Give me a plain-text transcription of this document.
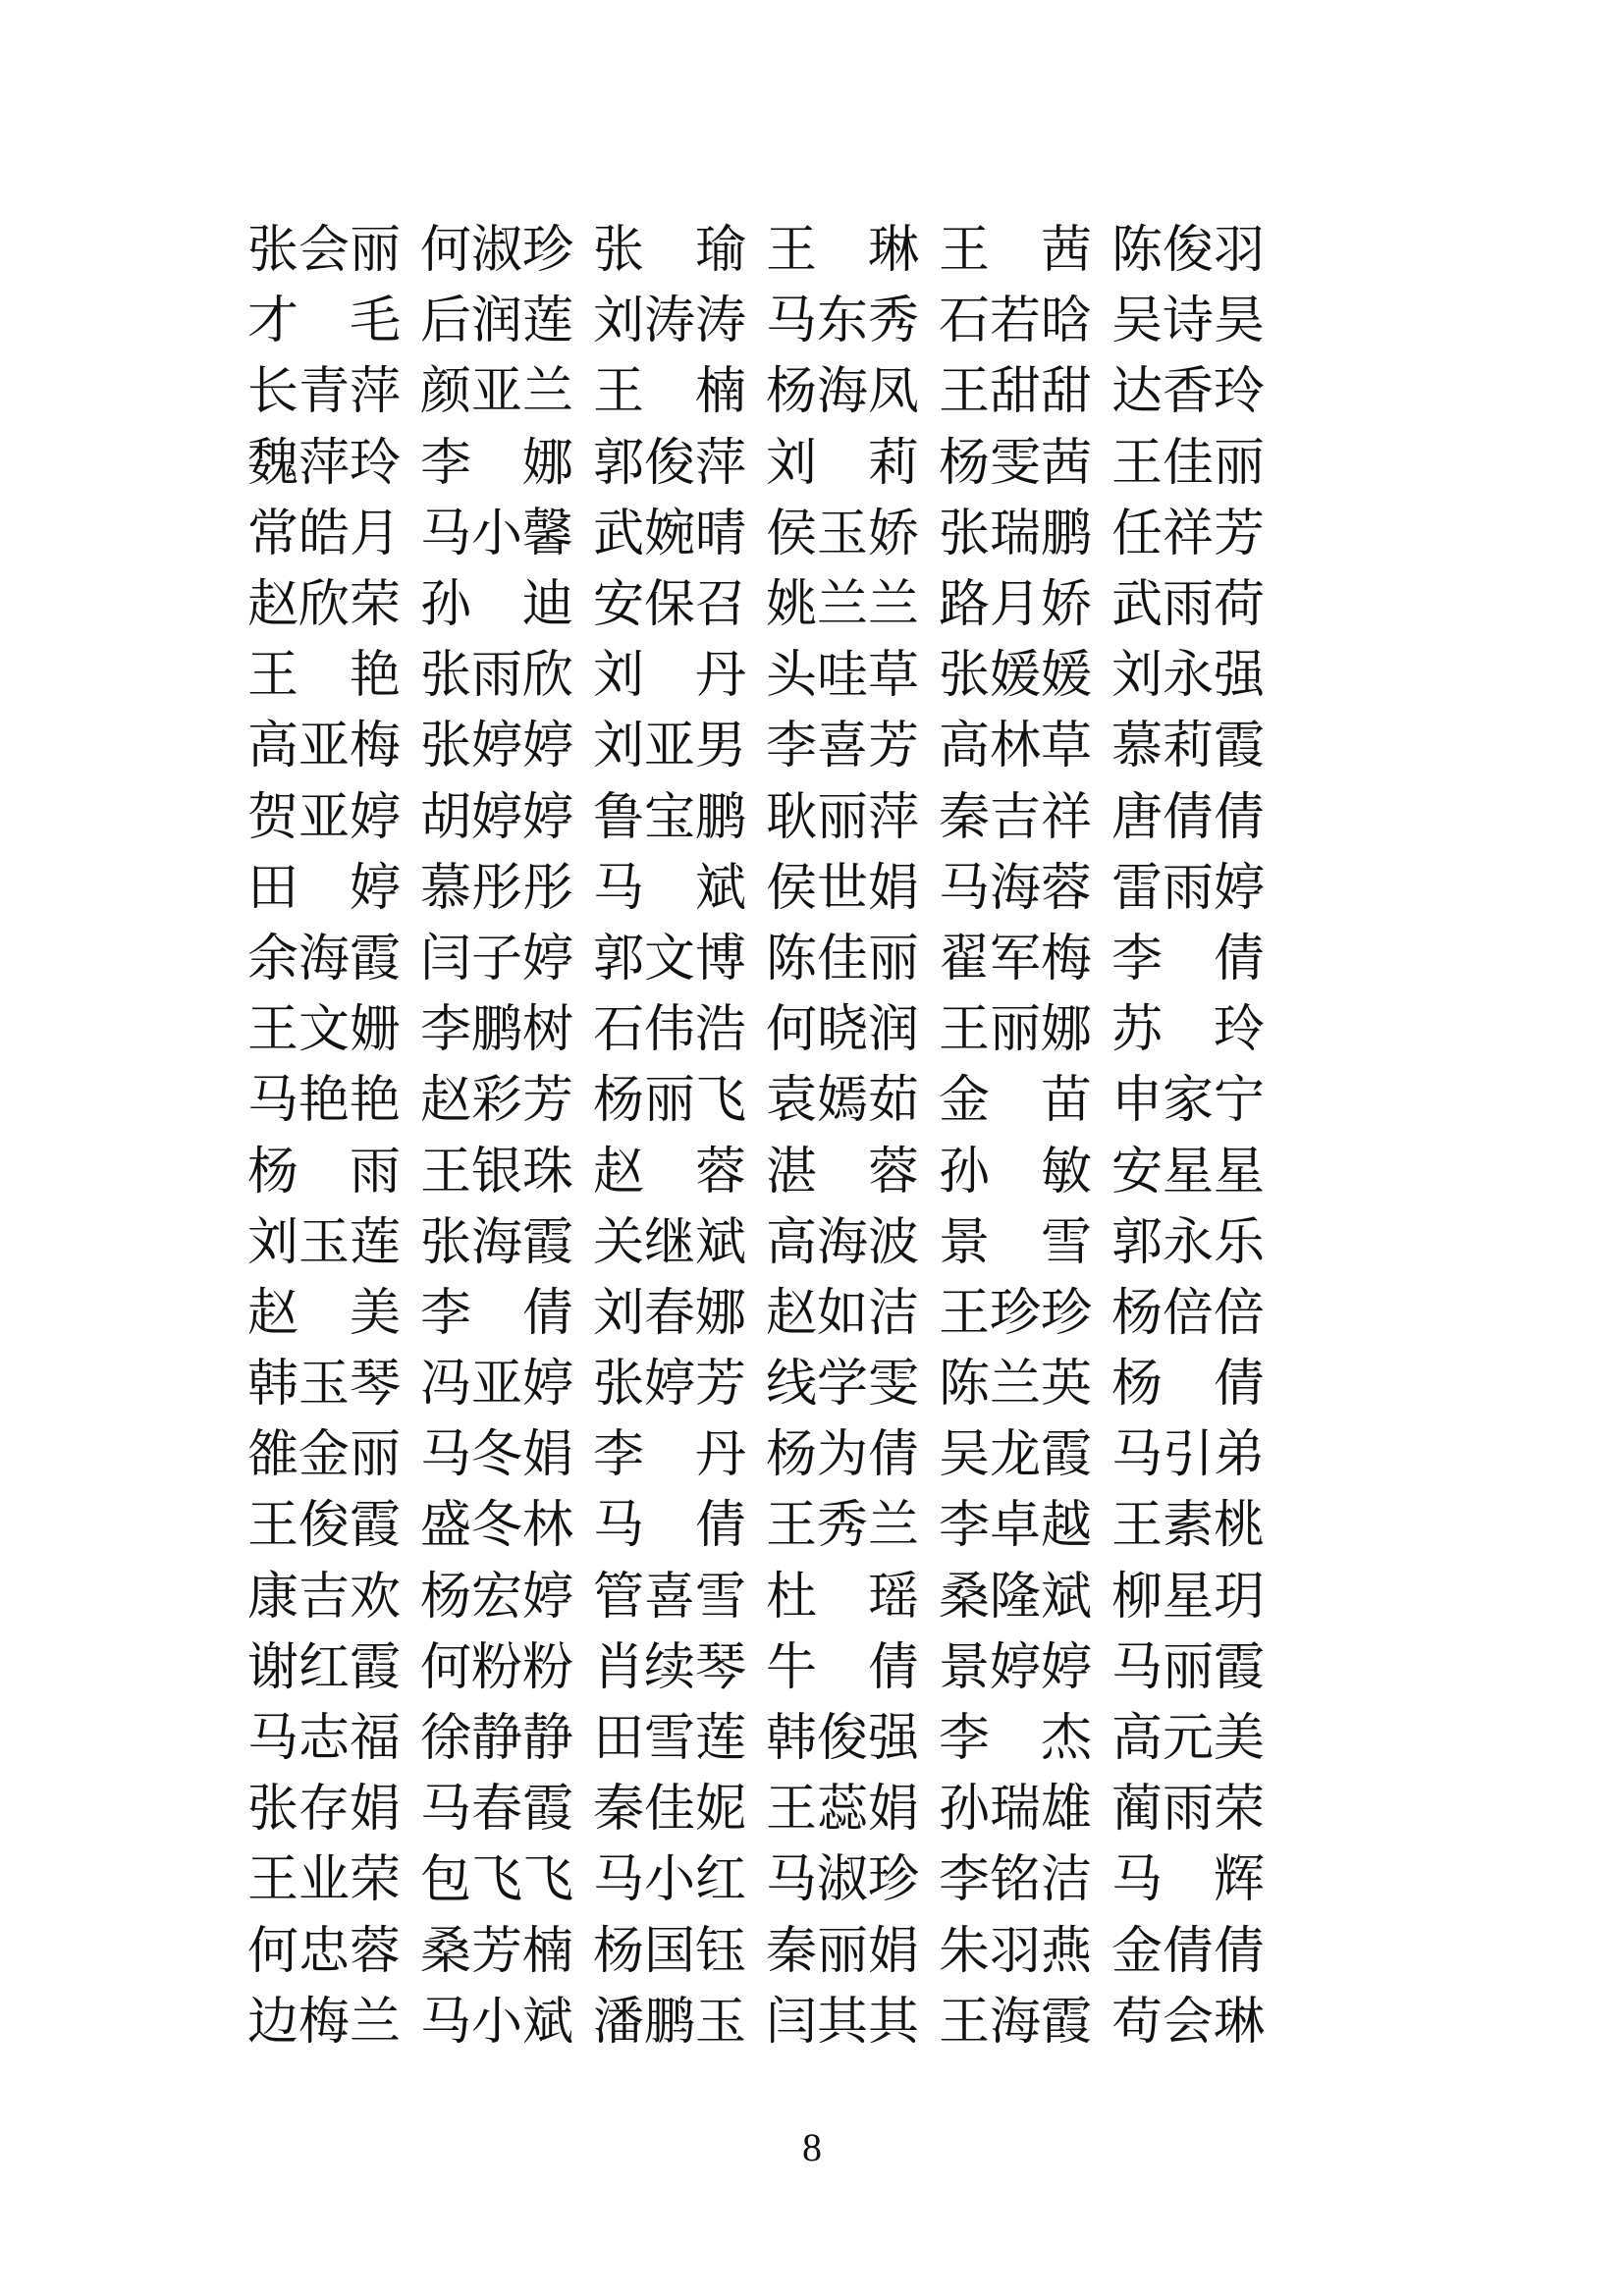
张会丽 何淑珍 张　瑜 王　琳 王　茜 陈俊羽
才　毛 后润莲 刘涛涛 马东秀 石若晗 吴诗昊
长青萍 颜亚兰 王　楠 杨海凤 王甜甜 达香玲
魏萍玲 李　娜 郭俊萍 刘　莉 杨雯茜 王佳丽
常皓月 马小馨 武婉晴 侯玉娇 张瑞鹏 任祥芳
赵欣荣 孙　迪 安保召 姚兰兰 路月娇 武雨荷
王　艳 张雨欣 刘　丹 头哇草 张媛媛 刘永强
高亚梅 张婷婷 刘亚男 李喜芳 高林草 慕莉霞
贺亚婷 胡婷婷 鲁宝鹏 耿丽萍 秦吉祥 唐倩倩
田　婷 慕彤彤 马　斌 侯世娟 马海蓉 雷雨婷
余海霞 闫子婷 郭文博 陈佳丽 翟军梅 李　倩
王文姗 李鹏树 石伟浩 何晓润 王丽娜 苏　玲
马艳艳 赵彩芳 杨丽飞 袁嫣茹 金　苗 申家宁
杨　雨 王银珠 赵　蓉 湛　蓉 孙　敏 安星星
刘玉莲 张海霞 关继斌 高海波 景　雪 郭永乐
赵　美 李　倩 刘春娜 赵如洁 王珍珍 杨倍倍
韩玉琴 冯亚婷 张婷芳 线学雯 陈兰英 杨　倩
雒金丽 马冬娟 李　丹 杨为倩 吴龙霞 马引弟
王俊霞 盛冬林 马　倩 王秀兰 李卓越 王素桃
康吉欢 杨宏婷 管喜雪 杜　瑶 桑隆斌 柳星玥
谢红霞 何粉粉 肖续琴 牛　倩 景婷婷 马丽霞
马志福 徐静静 田雪莲 韩俊强 李　杰 高元美
张存娟 马春霞 秦佳妮 王蕊娟 孙瑞雄 蔺雨荣
王业荣 包飞飞 马小红 马淑珍 李铭洁 马　辉
何忠蓉 桑芳楠 杨国钰 秦丽娟 朱羽燕 金倩倩
边梅兰 马小斌 潘鹏玉 闫其其 王海霞 苟会琳
8
